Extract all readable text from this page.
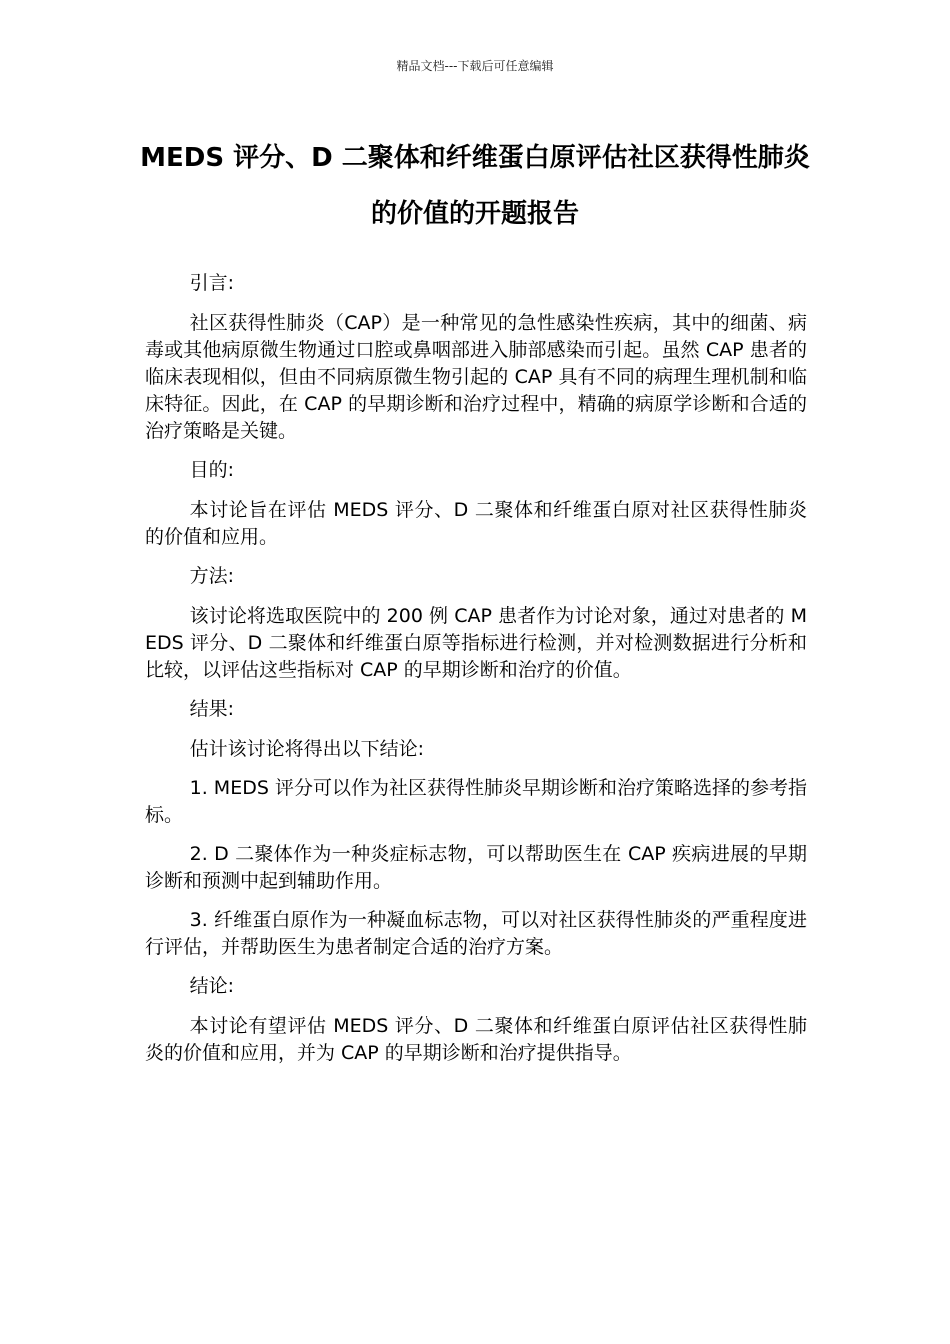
精品文档---下载后可任意编辑
MEDS 评分、D 二聚体和纤维蛋白原评估社区获得性肺炎的价值的开题报告

引言:

社区获得性肺炎（CAP）是一种常见的急性感染性疾病，其中的细菌、病毒或其他病原微生物通过口腔或鼻咽部进入肺部感染而引起。虽然 CAP 患者的临床表现相似，但由不同病原微生物引起的 CAP 具有不同的病理生理机制和临床特征。因此，在 CAP 的早期诊断和治疗过程中，精确的病原学诊断和合适的治疗策略是关键。

目的:

本讨论旨在评估 MEDS 评分、D 二聚体和纤维蛋白原对社区获得性肺炎的价值和应用。

方法:

该讨论将选取医院中的 200 例 CAP 患者作为讨论对象，通过对患者的 MEDS 评分、D 二聚体和纤维蛋白原等指标进行检测，并对检测数据进行分析和比较，以评估这些指标对 CAP 的早期诊断和治疗的价值。

结果:

估计该讨论将得出以下结论:

1. MEDS 评分可以作为社区获得性肺炎早期诊断和治疗策略选择的参考指标。

2. D 二聚体作为一种炎症标志物，可以帮助医生在 CAP 疾病进展的早期诊断和预测中起到辅助作用。

3. 纤维蛋白原作为一种凝血标志物，可以对社区获得性肺炎的严重程度进行评估，并帮助医生为患者制定合适的治疗方案。

结论:

本讨论有望评估 MEDS 评分、D 二聚体和纤维蛋白原评估社区获得性肺炎的价值和应用，并为 CAP 的早期诊断和治疗提供指导。
